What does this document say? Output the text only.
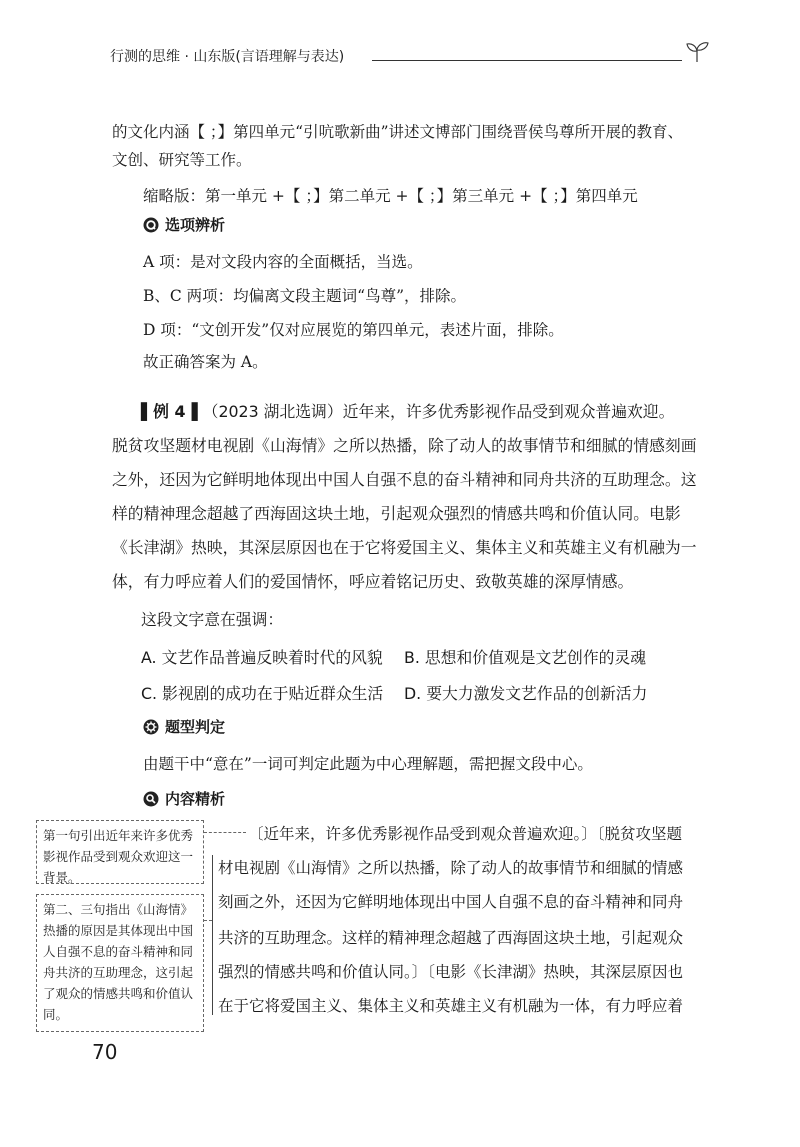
行测的思维 · 山东版(言语理解与表达)
的文化内涵【 ；】第四单元“引吭歌新曲”讲述文博部门围绕晋侯鸟尊所开展的教育、
文创、研究等工作。
缩略版：第一单元 +【 ；】第二单元 +【 ；】第三单元 +【 ；】第四单元
选项辨析
A 项：是对文段内容的全面概括，当选。
B、C 两项：均偏离文段主题词“鸟尊”，排除。
D 项：“文创开发”仅对应展览的第四单元，表述片面，排除。
故正确答案为 A。
▌例 4▐ （2023 湖北选调）近年来，许多优秀影视作品受到观众普遍欢迎。
脱贫攻坚题材电视剧《山海情》之所以热播，除了动人的故事情节和细腻的情感刻画
之外，还因为它鲜明地体现出中国人自强不息的奋斗精神和同舟共济的互助理念。这
样的精神理念超越了西海固这块土地，引起观众强烈的情感共鸣和价值认同。电影
《长津湖》热映，其深层原因也在于它将爱国主义、集体主义和英雄主义有机融为一
体，有力呼应着人们的爱国情怀，呼应着铭记历史、致敬英雄的深厚情感。
这段文字意在强调：
A. 文艺作品普遍反映着时代的风貌 B. 思想和价值观是文艺创作的灵魂
C. 影视剧的成功在于贴近群众生活 D. 要大力激发文艺作品的创新活力
题型判定
由题干中“意在”一词可判定此题为中心理解题，需把握文段中心。
内容精析
〔近年来，许多优秀影视作品受到观众普遍欢迎。〕〔脱贫攻坚题
材电视剧《山海情》之所以热播，除了动人的故事情节和细腻的情感
刻画之外，还因为它鲜明地体现出中国人自强不息的奋斗精神和同舟
共济的互助理念。这样的精神理念超越了西海固这块土地，引起观众
强烈的情感共鸣和价值认同。〕〔电影《长津湖》热映，其深层原因也
在于它将爱国主义、集体主义和英雄主义有机融为一体，有力呼应着
第一句引出近年来许多优秀影视作品受到观众欢迎这一背景。
第二、三句指出《山海情》热播的原因是其体现出中国人自强不息的奋斗精神和同舟共济的互助理念，这引起了观众的情感共鸣和价值认同。
70
